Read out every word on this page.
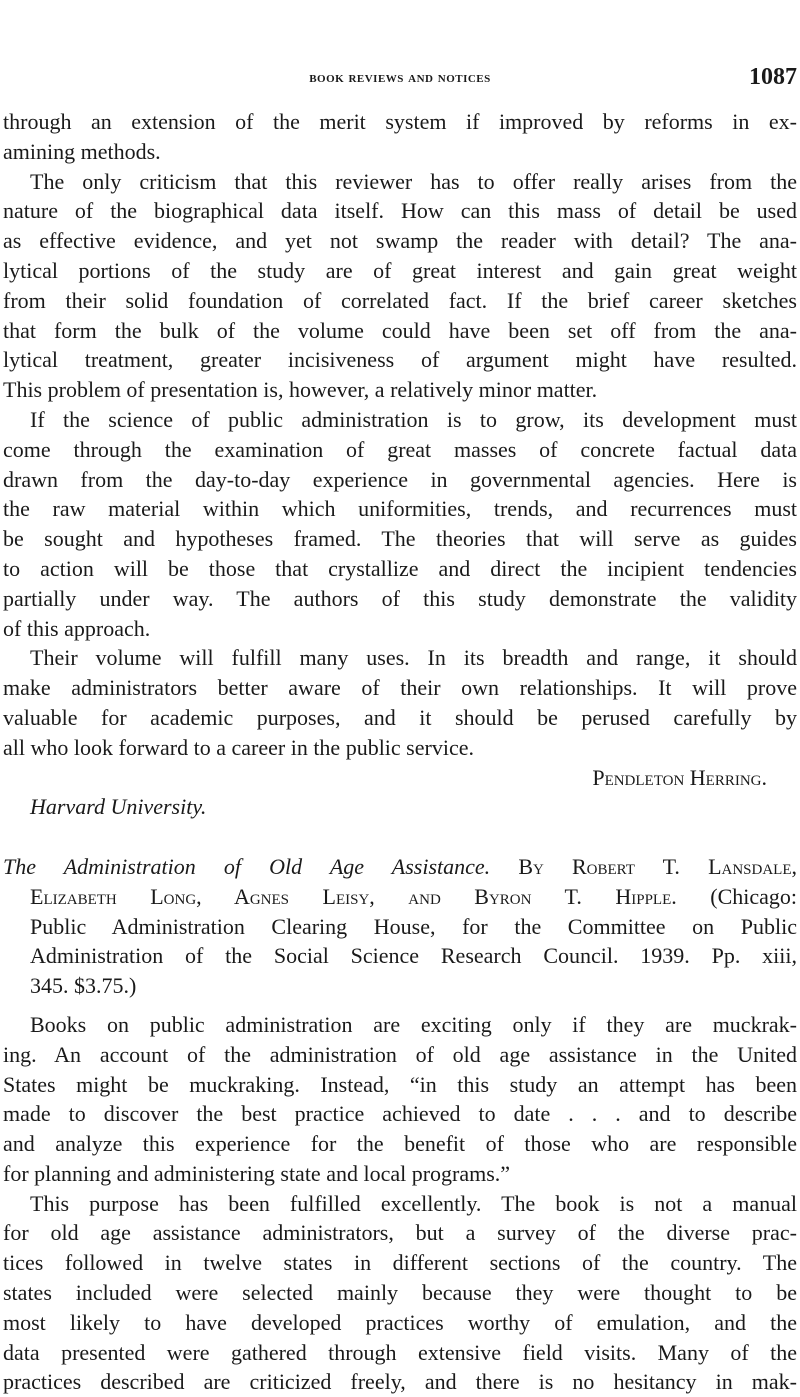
book reviews and notices	1087
through an extension of the merit system if improved by reforms in ex-
amining methods.
The only criticism that this reviewer has to offer really arises from the
nature of the biographical data itself. How can this mass of detail be used
as effective evidence, and yet not swamp the reader with detail? The ana-
lytical portions of the study are of great interest and gain great weight
from their solid foundation of correlated fact. If the brief career sketches
that form the bulk of the volume could have been set off from the ana-
lytical treatment, greater incisiveness of argument might have resulted.
This problem of presentation is, however, a relatively minor matter.
If the science of public administration is to grow, its development must
come through the examination of great masses of concrete factual data
drawn from the day-to-day experience in governmental agencies. Here is
the raw material within which uniformities, trends, and recurrences must
be sought and hypotheses framed. The theories that will serve as guides
to action will be those that crystallize and direct the incipient tendencies
partially under way. The authors of this study demonstrate the validity
of this approach.
Their volume will fulfill many uses. In its breadth and range, it should
make administrators better aware of their own relationships. It will prove
valuable for academic purposes, and it should be perused carefully by
all who look forward to a career in the public service.
Pendleton Herring.
Harvard University.
The Administration of Old Age Assistance. By Robert T. Lansdale,
Elizabeth Long, Agnes Leisy, and Byron T. Hipple. (Chicago:
Public Administration Clearing House, for the Committee on Public
Administration of the Social Science Research Council. 1939. Pp. xiii,
345. $3.75.)
Books on public administration are exciting only if they are muckrak-
ing. An account of the administration of old age assistance in the United
States might be muckraking. Instead, “in this study an attempt has been
made to discover the best practice achieved to date . . . and to describe
and analyze this experience for the benefit of those who are responsible
for planning and administering state and local programs.”
This purpose has been fulfilled excellently. The book is not a manual
for old age assistance administrators, but a survey of the diverse prac-
tices followed in twelve states in different sections of the country. The
states included were selected mainly because they were thought to be
most likely to have developed practices worthy of emulation, and the
data presented were gathered through extensive field visits. Many of the
practices described are criticized freely, and there is no hesitancy in mak-
